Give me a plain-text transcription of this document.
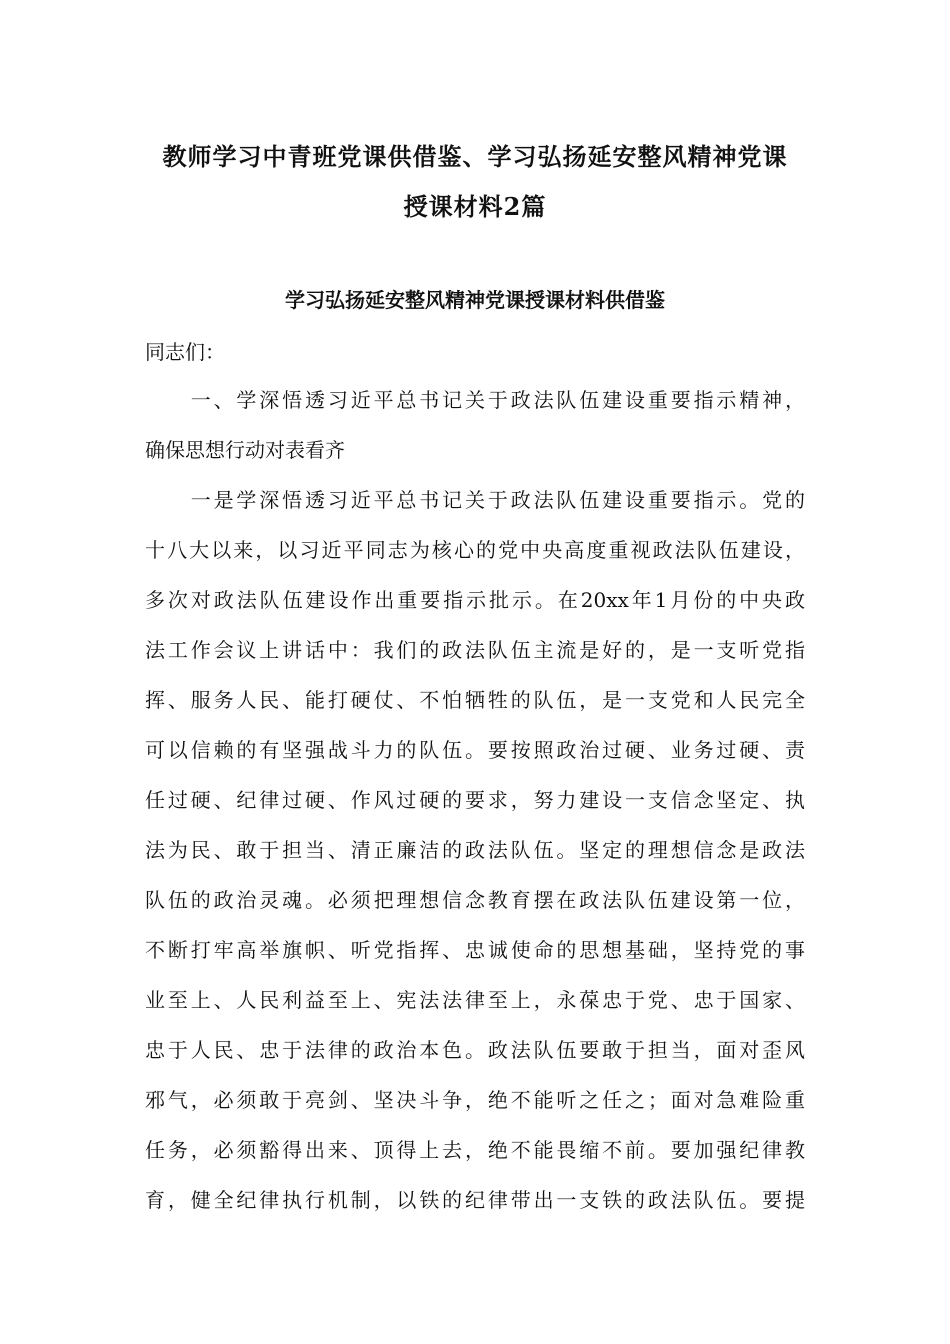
教师学习中青班党课供借鉴、学习弘扬延安整风精神党课
授课材料2篇
学习弘扬延安整风精神党课授课材料供借鉴
同志们：
　　一、学深悟透习近平总书记关于政法队伍建设重要指示精神，
确保思想行动对表看齐
　　一是学深悟透习近平总书记关于政法队伍建设重要指示。党的
十八大以来，以习近平同志为核心的党中央高度重视政法队伍建设，
多次对政法队伍建设作出重要指示批示。在20xx年1月份的中央政
法工作会议上讲话中：我们的政法队伍主流是好的，是一支听党指
挥、服务人民、能打硬仗、不怕牺牲的队伍，是一支党和人民完全
可以信赖的有坚强战斗力的队伍。要按照政治过硬、业务过硬、责
任过硬、纪律过硬、作风过硬的要求，努力建设一支信念坚定、执
法为民、敢于担当、清正廉洁的政法队伍。坚定的理想信念是政法
队伍的政治灵魂。必须把理想信念教育摆在政法队伍建设第一位，
不断打牢高举旗帜、听党指挥、忠诚使命的思想基础，坚持党的事
业至上、人民利益至上、宪法法律至上，永葆忠于党、忠于国家、
忠于人民、忠于法律的政治本色。政法队伍要敢于担当，面对歪风
邪气，必须敢于亮剑、坚决斗争，绝不能听之任之；面对急难险重
任务，必须豁得出来、顶得上去，绝不能畏缩不前。要加强纪律教
育，健全纪律执行机制，以铁的纪律带出一支铁的政法队伍。要提
